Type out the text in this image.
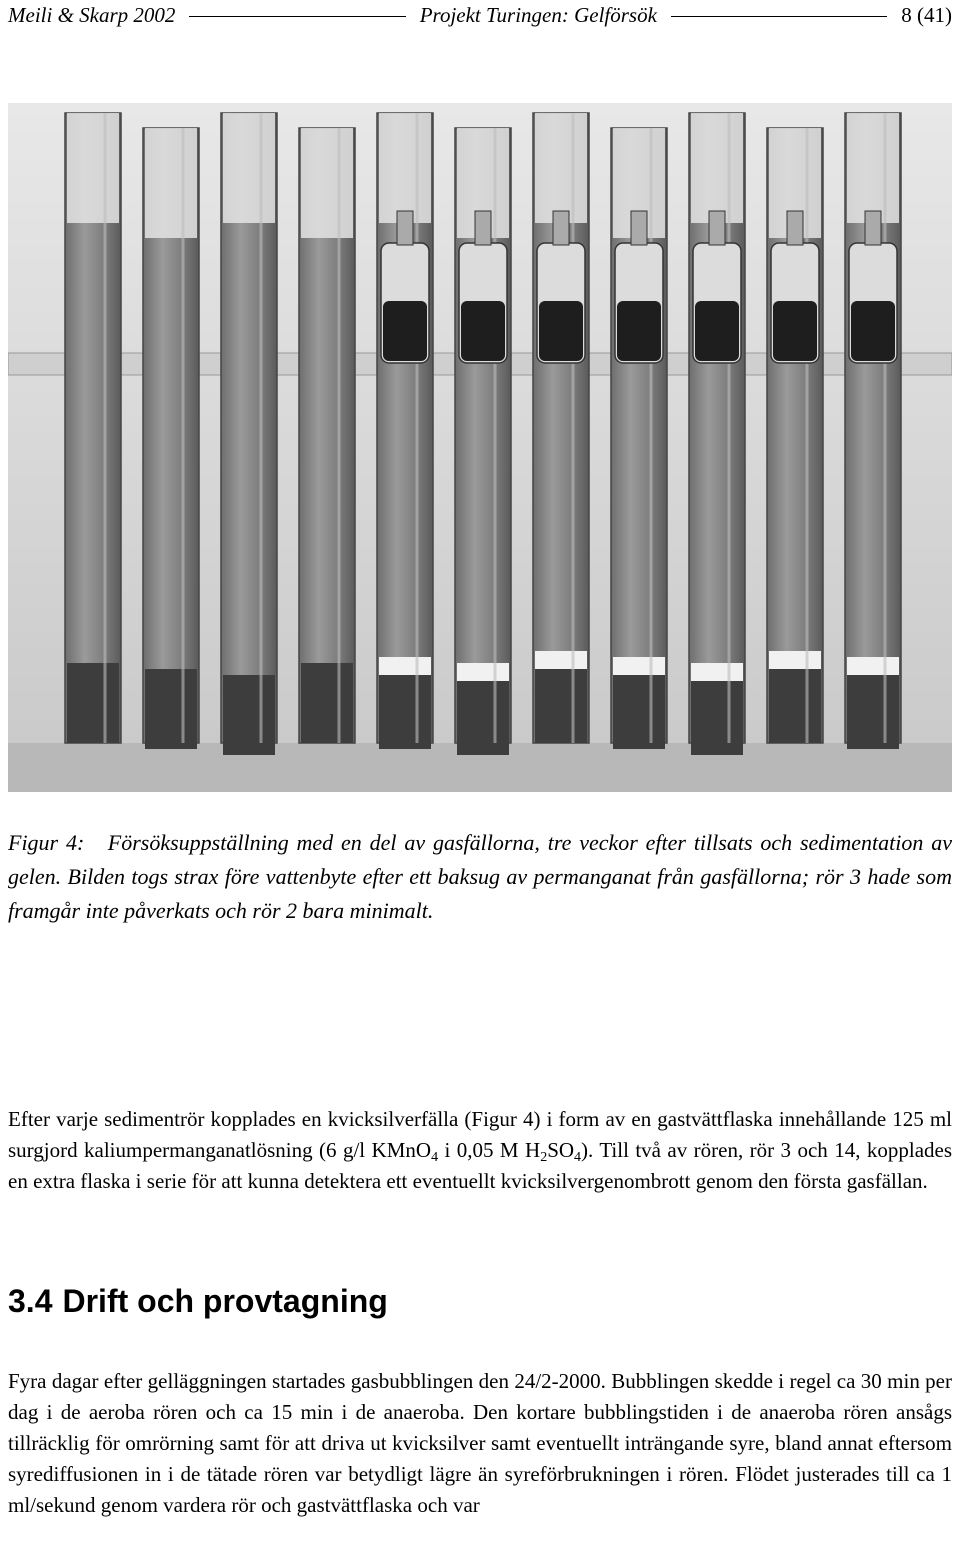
Meili & Skarp 2002	Projekt Turingen: Gelförsök	8 (41)
Figur 4:   Försöksuppställning med en del av gasfällorna, tre veckor efter tillsats och sedimentation av gelen. Bilden togs strax före vattenbyte efter ett baksug av permanganat från gasfällorna; rör 3 hade som framgår inte påverkats och rör 2 bara minimalt.
Efter varje sedimentrör kopplades en kvicksilverfälla (Figur 4) i form av en gastvättflaska innehållande 125 ml surgjord kaliumpermanganatlösning (6 g/l KMnO$_4$ i 0,05 M $H_2SO_4$). Till två av rören, rör 3 och 14, kopplades en extra flaska i serie för att kunna detektera ett eventuellt kvicksilvergenombrott genom den första gasfällan.
3.4 Drift och provtagning
Fyra dagar efter gelläggningen startades gasbubblingen den 24/2-2000. Bubblingen skedde i regel ca 30 min per dag i de aeroba rören och ca 15 min i de anaeroba. Den kortare bubblingstiden i de anaeroba rören ansågs tillräcklig för omrörning samt för att driva ut kvicksilver samt eventuellt inträngande syre, bland annat eftersom syrediffusionen in i de tätade rören var betydligt lägre än syreförbrukningen i rören. Flödet justerades till ca 1 ml/sekund genom vardera rör och gastvättflaska och var
